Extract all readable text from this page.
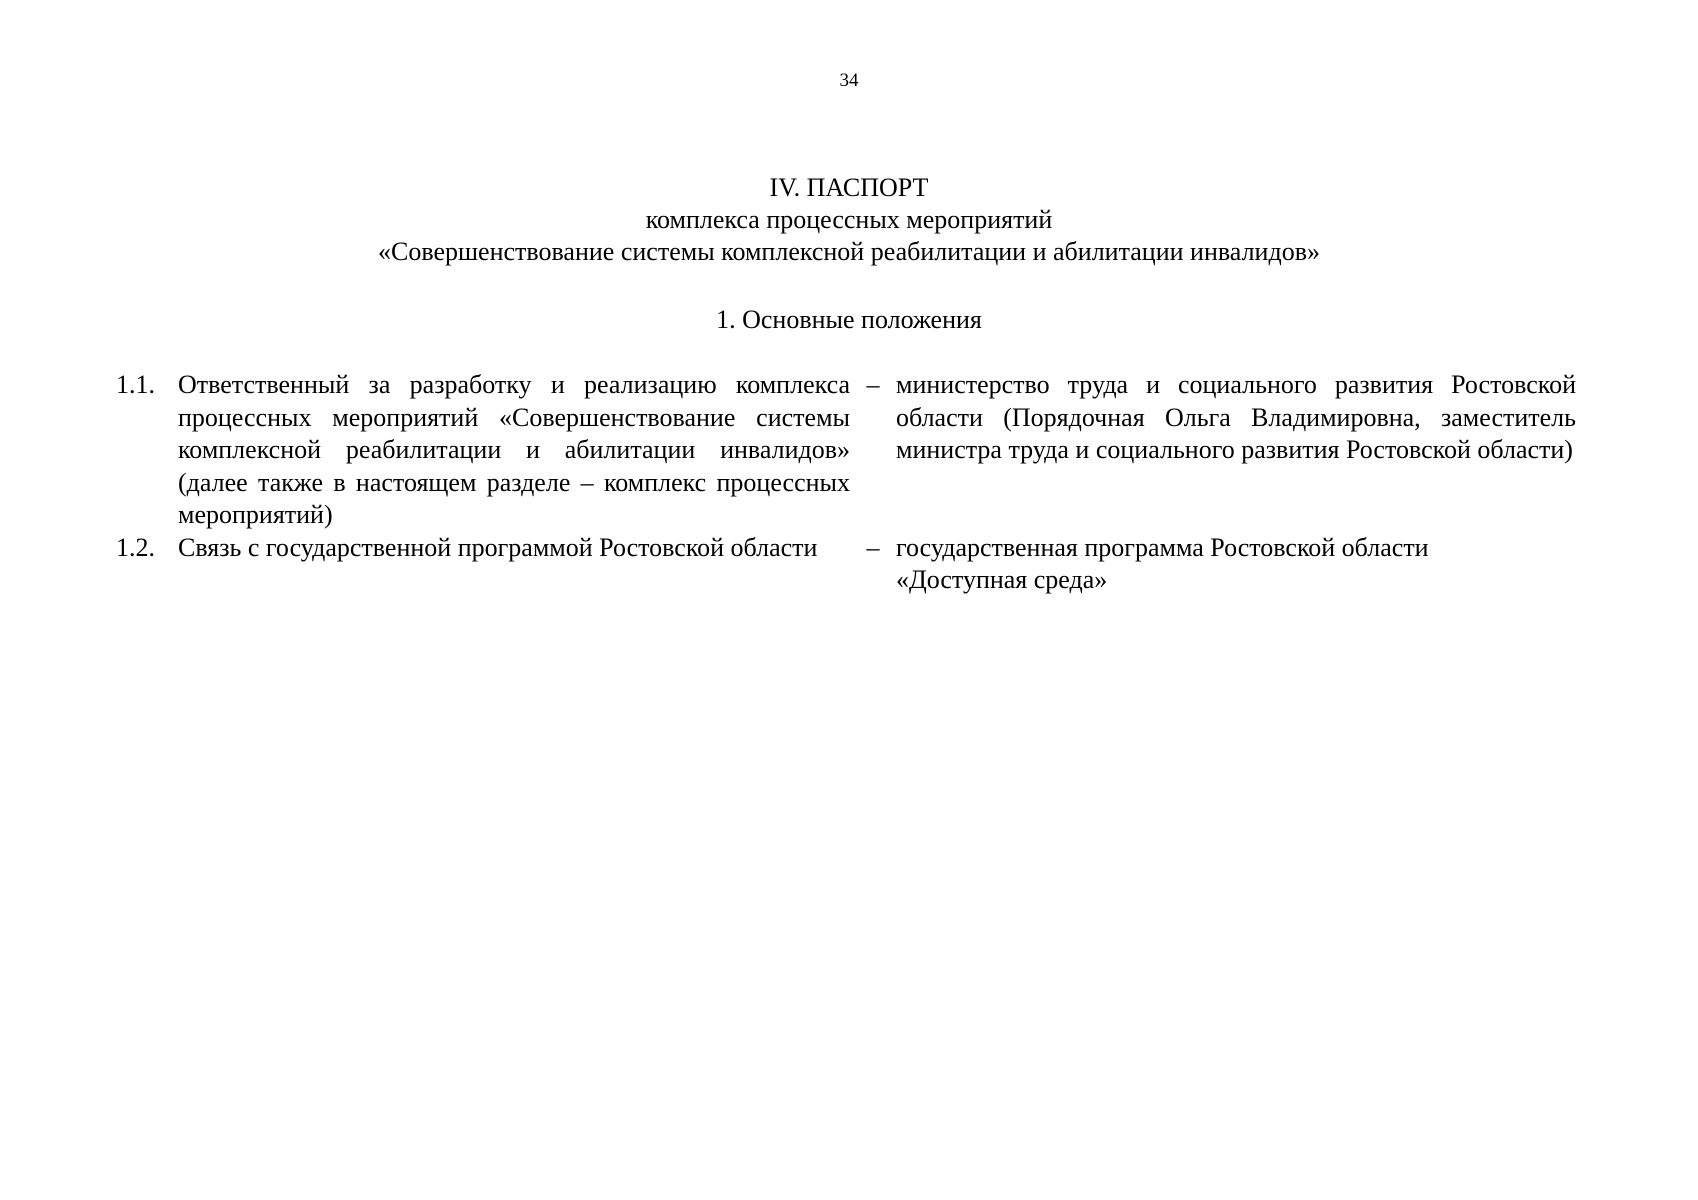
34
IV. ПАСПОРТ
комплекса процессных мероприятий
«Совершенствование системы комплексной реабилитации и абилитации инвалидов»
1. Основные положения
1.1. Ответственный за разработку и реализацию комплекса процессных мероприятий «Совершенствование системы комплексной реабилитации и абилитации инвалидов» (далее также в настоящем разделе – комплекс процессных мероприятий)
– министерство труда и социального развития Ростовской области (Порядочная Ольга Владимировна, заместитель министра труда и социального развития Ростовской области)
1.2. Связь с государственной программой Ростовской области	– государственная программа Ростовской области
«Доступная среда»
